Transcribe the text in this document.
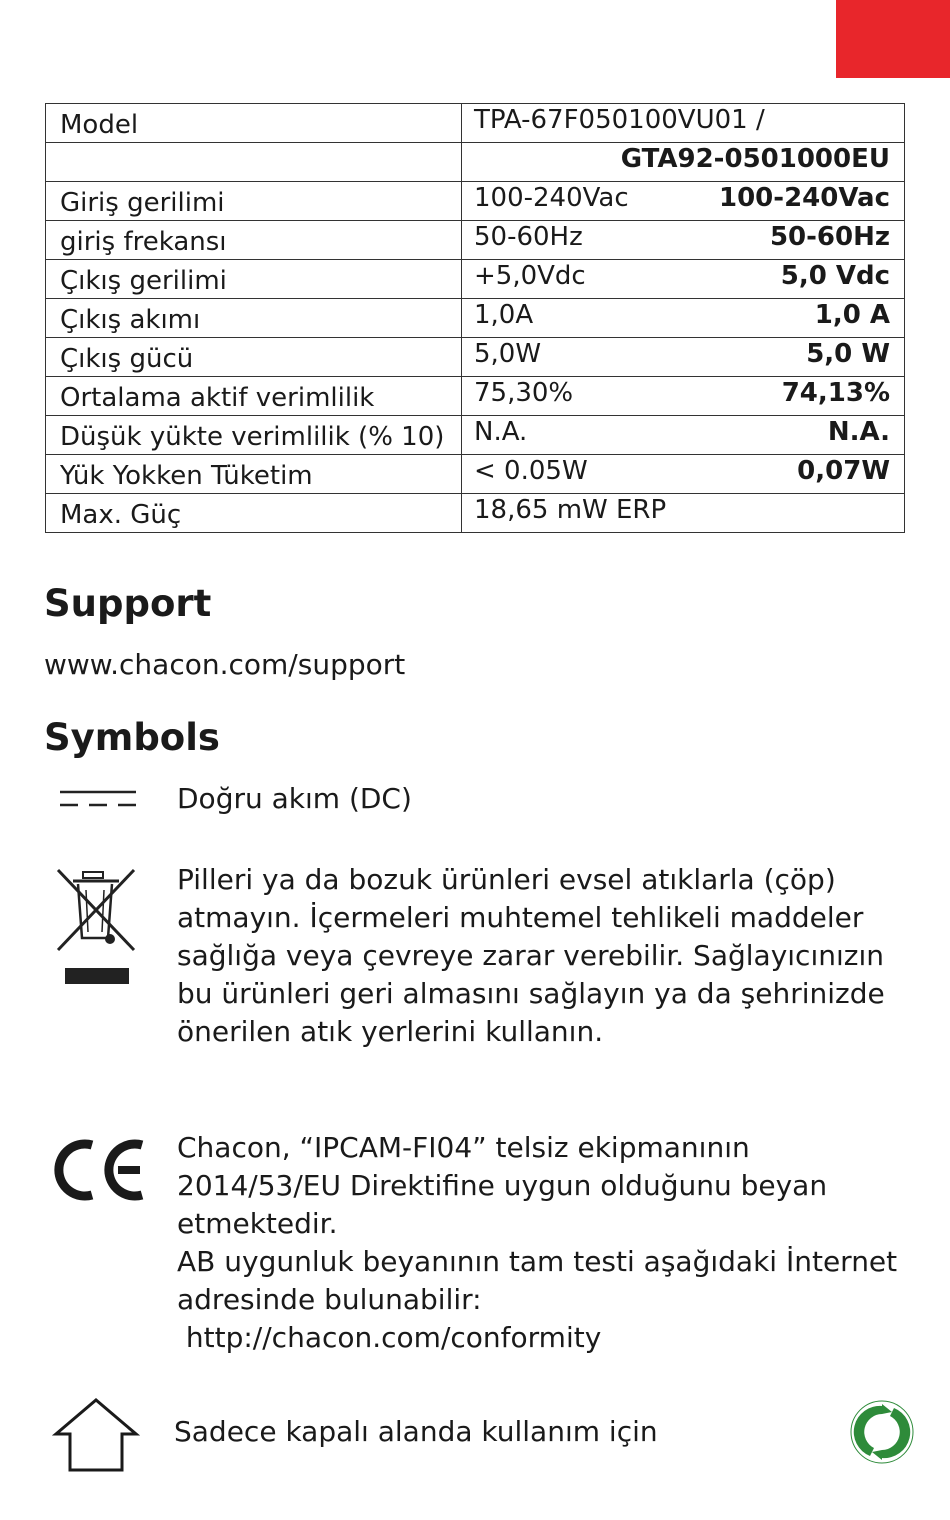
Model	TPA-67F050100VU01 /

	GTA92-0501000EU

Giriş gerilimi	100-240Vac 100-240Vac

giriş frekansı	50-60Hz 50-60Hz

Çıkış gerilimi	+5,0Vdc 5,0 Vdc

Çıkış akımı	1,0A 1,0 A

Çıkış gücü	5,0W 5,0 W

Ortalama aktif verimlilik	75,30% 74,13%

Düşük yükte verimlilik (% 10)	N.A. N.A.

Yük Yokken Tüketim	< 0.05W 0,07W

Max. Güç	18,65 mW ERP
Support

www.chacon.com/support

Symbols

Doğru akım (DC)

Pilleri ya da bozuk ürünleri evsel atıklarla (çöp)

atmayın. İçermeleri muhtemel tehlikeli maddeler

sağlığa veya çevreye zarar verebilir. Sağlayıcınızın

bu ürünleri geri almasını sağlayın ya da şehrinizde

önerilen atık yerlerini kullanın.

Chacon, “IPCAM-FI04” telsiz ekipmanının

2014/53/EU Direktifine uygun olduğunu beyan

etmektedir.

AB uygunluk beyanının tam testi aşağıdaki İnternet

adresinde bulunabilir:

http://chacon.com/conformity

Sadece kapalı alanda kullanım için
